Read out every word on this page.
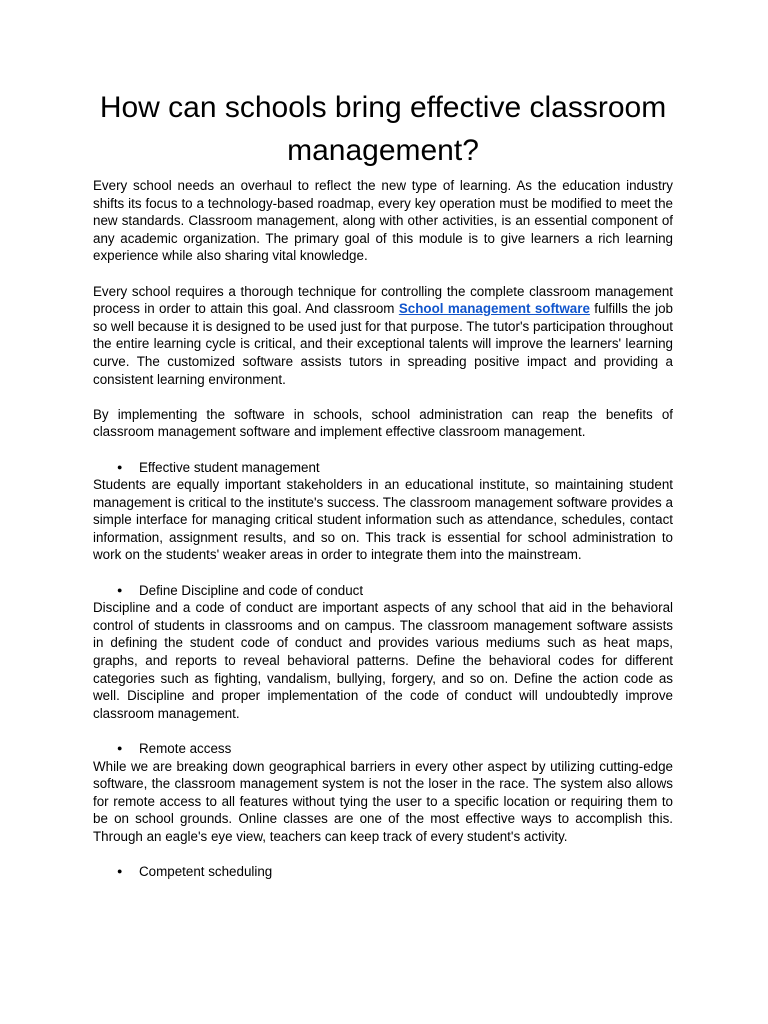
How can schools bring effective classroom management?

Every school needs an overhaul to reflect the new type of learning. As the education industry shifts its focus to a technology-based roadmap, every key operation must be modified to meet the new standards. Classroom management, along with other activities, is an essential component of any academic organization. The primary goal of this module is to give learners a rich learning experience while also sharing vital knowledge.

Every school requires a thorough technique for controlling the complete classroom management process in order to attain this goal. And classroom School management software fulfills the job so well because it is designed to be used just for that purpose. The tutor's participation throughout the entire learning cycle is critical, and their exceptional talents will improve the learners' learning curve. The customized software assists tutors in spreading positive impact and providing a consistent learning environment.

By implementing the software in schools, school administration can reap the benefits of classroom management software and implement effective classroom management.

● Effective student management

Students are equally important stakeholders in an educational institute, so maintaining student management is critical to the institute's success. The classroom management software provides a simple interface for managing critical student information such as attendance, schedules, contact information, assignment results, and so on. This track is essential for school administration to work on the students' weaker areas in order to integrate them into the mainstream.

● Define Discipline and code of conduct

Discipline and a code of conduct are important aspects of any school that aid in the behavioral control of students in classrooms and on campus. The classroom management software assists in defining the student code of conduct and provides various mediums such as heat maps, graphs, and reports to reveal behavioral patterns. Define the behavioral codes for different categories such as fighting, vandalism, bullying, forgery, and so on. Define the action code as well. Discipline and proper implementation of the code of conduct will undoubtedly improve classroom management.

● Remote access

While we are breaking down geographical barriers in every other aspect by utilizing cutting-edge software, the classroom management system is not the loser in the race. The system also allows for remote access to all features without tying the user to a specific location or requiring them to be on school grounds. Online classes are one of the most effective ways to accomplish this. Through an eagle's eye view, teachers can keep track of every student's activity.

● Competent scheduling
